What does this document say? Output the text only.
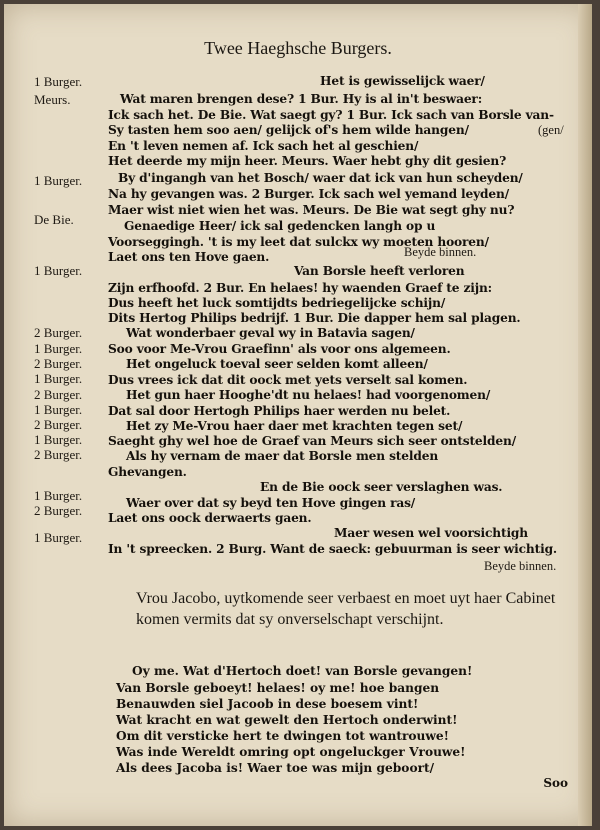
Twee Haeghsche Burgers.
1 Burger.
Meurs.
1 Burger.
De Bie.
1 Burger.
2 Burger.
1 Burger.
2 Burger.
1 Burger.
2 Burger.
1 Burger.
2 Burger.
1 Burger.
2 Burger.
1 Burger.
2 Burger.
1 Burger.
Het is gewisselijck waer/
Wat maren brengen dese? 1 Bur. Hy is al in't beswaer:
Ick sach het. De Bie. Wat saegt gy? 1 Bur. Ick sach van Borsle van-
Sy tasten hem soo aen/ gelijck of's hem wilde hangen/	(gen/
En 't leven nemen af. Ick sach het al geschien/
Het deerde my mijn heer. Meurs. Waer hebt ghy dit gesien?
By d'ingangh van het Bosch/ waer dat ick van hun scheyden/
Na hy gevangen was. 2 Burger. Ick sach wel yemand leyden/
Maer wist niet wien het was. Meurs. De Bie wat segt ghy nu?
Genaedige Heer/ ick sal gedencken langh op u
Voorseggingh. 't is my leet dat sulckx wy moeten hooren/
Laet ons ten Hove gaen.	Beyde binnen.
Van Borsle heeft verloren
Zijn erfhoofd. 2 Bur. En helaes! hy waenden Graef te zijn:
Dus heeft het luck somtijdts bedriegelijcke schijn/
Dits Hertog Philips bedrijf. 1 Bur. Die dapper hem sal plagen.
Wat wonderbaer geval wy in Batavia sagen/
Soo voor Me-Vrou Graefinn' als voor ons algemeen.
Het ongeluck toeval seer selden komt alleen/
Dus vrees ick dat dit oock met yets verselt sal komen.
Het gun haer Hooghe'dt nu helaes! had voorgenomen/
Dat sal door Hertogh Philips haer werden nu belet.
Het zy Me-Vrou haer daer met krachten tegen set/
Saeght ghy wel hoe de Graef van Meurs sich seer ontstelden/
Als hy vernam de maer dat Borsle men stelden
Ghevangen.
En de Bie oock seer verslaghen was.
Waer over dat sy beyd ten Hove gingen ras/
Laet ons oock derwaerts gaen.
Maer wesen wel voorsichtigh
In 't spreecken. 2 Burg. Want de saeck: gebuurman is seer wichtig.
Beyde binnen.
Vrou Jacobo, uytkomende seer verbaest en moet uyt haer Cabinet komen vermits dat sy onverselschapt verschijnt.
Oy me. Wat d'Hertoch doet! van Borsle gevangen!
Van Borsle geboeyt! helaes! oy me! hoe bangen
Benauwden siel Jacoob in dese boesem vint!
Wat kracht en wat gewelt den Hertoch onderwint!
Om dit versticke hert te dwingen tot wantrouwe!
Was inde Wereldt omring opt ongeluckger Vrouwe!
Als dees Jacoba is! Waer toe was mijn geboort/
Soo
